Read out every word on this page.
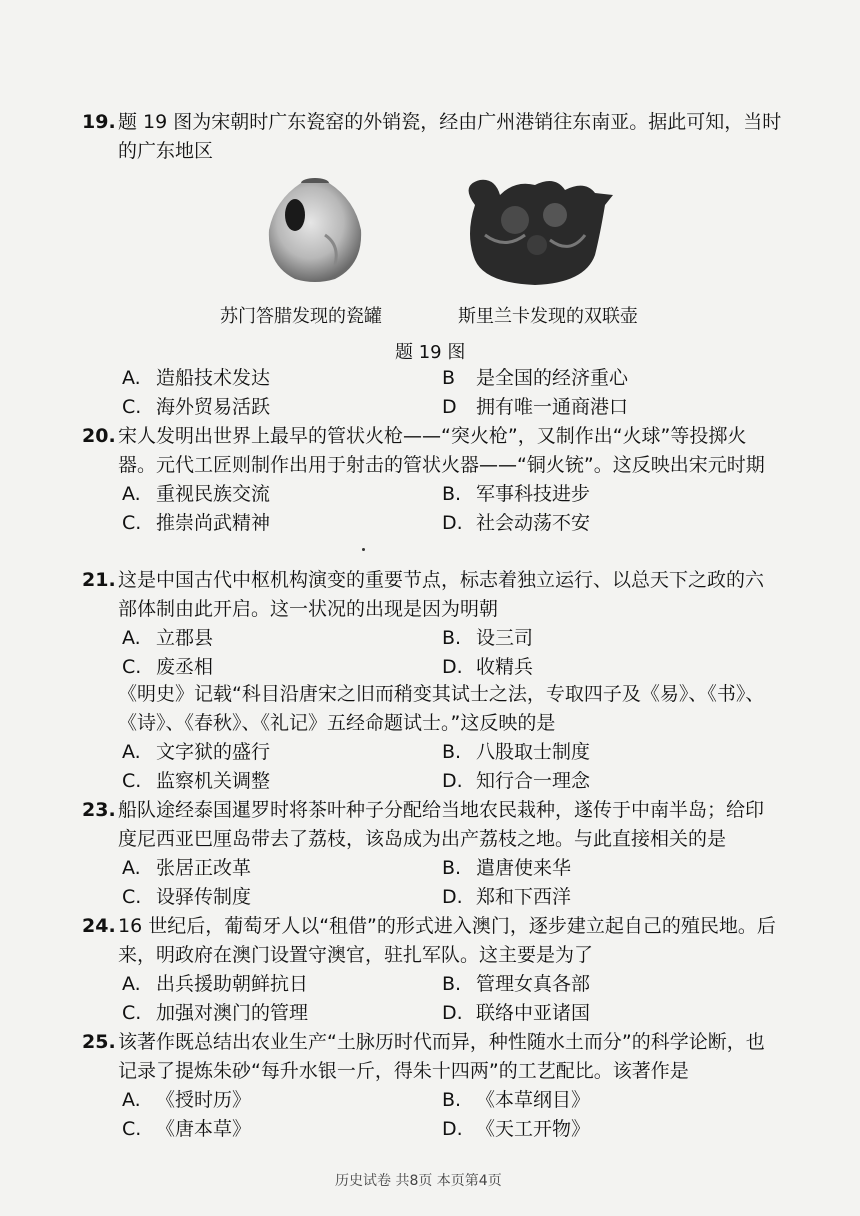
19. 题 19 图为宋朝时广东瓷窑的外销瓷，经由广州港销往东南亚。据此可知，当时的广东地区
苏门答腊发现的瓷罐	斯里兰卡发现的双联壶
题 19 图
A. 造船技术发达	B	是全国的经济重心
C. 海外贸易活跃	D	拥有唯一通商港口
20. 宋人发明出世界上最早的管状火枪——“突火枪”，又制作出“火球”等投掷火器。元代工匠则制作出用于射击的管状火器——“铜火铳”。这反映出宋元时期
A. 重视民族交流	B. 军事科技进步
C. 推崇尚武精神	D. 社会动荡不安
21. 这是中国古代中枢机构演变的重要节点，标志着独立运行、以总天下之政的六部体制由此开启。这一状况的出现是因为明朝
A. 立郡县	B. 设三司
C. 废丞相	D. 收精兵
《明史》记载“科目沿唐宋之旧而稍变其试士之法，专取四子及《易》、《书》、《诗》、《春秋》、《礼记》五经命题试士。”这反映的是
A. 文字狱的盛行	B. 八股取士制度
C. 监察机关调整	D. 知行合一理念
23. 船队途经泰国暹罗时将茶叶种子分配给当地农民栽种，遂传于中南半岛；给印度尼西亚巴厘岛带去了荔枝，该岛成为出产荔枝之地。与此直接相关的是
A. 张居正改革	B. 遣唐使来华
C. 设驿传制度	D. 郑和下西洋
24. 16 世纪后，葡萄牙人以“租借”的形式进入澳门，逐步建立起自己的殖民地。后来，明政府在澳门设置守澳官，驻扎军队。这主要是为了
A. 出兵援助朝鲜抗日	B. 管理女真各部
C. 加强对澳门的管理	D. 联络中亚诸国
25. 该著作既总结出农业生产“土脉历时代而异，种性随水土而分”的科学论断，也记录了提炼朱砂“每升水银一斤，得朱十四两”的工艺配比。该著作是
A. 《授时历》	B. 《本草纲目》
C. 《唐本草》	D. 《天工开物》
历史试卷 共8页 本页第4页
